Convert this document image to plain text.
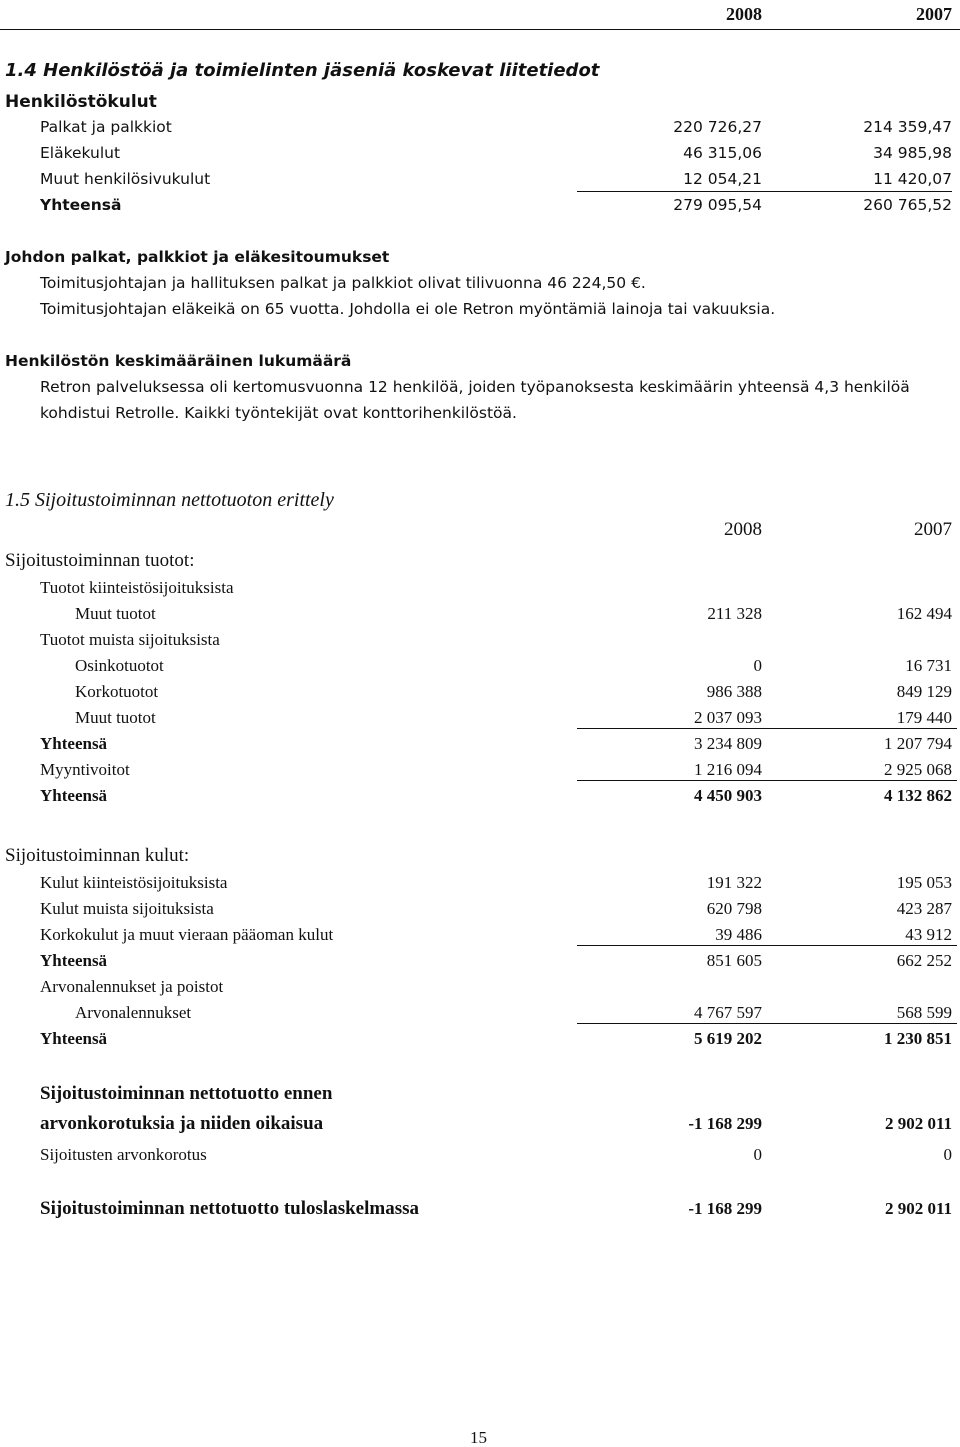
2008	2007
1.4 Henkilöstöä ja toimielinten jäseniä koskevat liitetiedot
Henkilöstökulut
Palkat ja palkkiot	220 726,27	214 359,47
Eläkekulut	46 315,06	34 985,98
Muut henkilösivukulut	12 054,21	11 420,07
Yhteensä	279 095,54	260 765,52
Johdon palkat, palkkiot ja eläkesitoumukset
Toimitusjohtajan ja hallituksen palkat ja palkkiot olivat tilivuonna 46 224,50 €.
Toimitusjohtajan eläkeikä on 65 vuotta. Johdolla ei ole Retron myöntämiä lainoja tai vakuuksia.
Henkilöstön keskimääräinen lukumäärä
Retron palveluksessa oli kertomusvuonna 12 henkilöä, joiden työpanoksesta keskimäärin yhteensä 4,3 henkilöä
kohdistui Retrolle. Kaikki työntekijät ovat konttorihenkilöstöä.
1.5 Sijoitustoiminnan nettotuoton erittely
2008	2007
Sijoitustoiminnan tuotot:
Tuotot kiinteistösijoituksista
Muut tuotot	211 328	162 494
Tuotot muista sijoituksista
Osinkotuotot	0	16 731
Korkotuotot	986 388	849 129
Muut tuotot	2 037 093	179 440
Yhteensä	3 234 809	1 207 794
Myyntivoitot	1 216 094	2 925 068
Yhteensä	4 450 903	4 132 862
Sijoitustoiminnan kulut:
Kulut kiinteistösijoituksista	191 322	195 053
Kulut muista sijoituksista	620 798	423 287
Korkokulut ja muut vieraan pääoman kulut	39 486	43 912
Yhteensä	851 605	662 252
Arvonalennukset ja poistot
Arvonalennukset	4 767 597	568 599
Yhteensä	5 619 202	1 230 851
Sijoitustoiminnan nettotuotto ennen
arvonkorotuksia ja niiden oikaisua	-1 168 299	2 902 011
Sijoitusten arvonkorotus	0	0
Sijoitustoiminnan nettotuotto tuloslaskelmassa	-1 168 299	2 902 011
15
